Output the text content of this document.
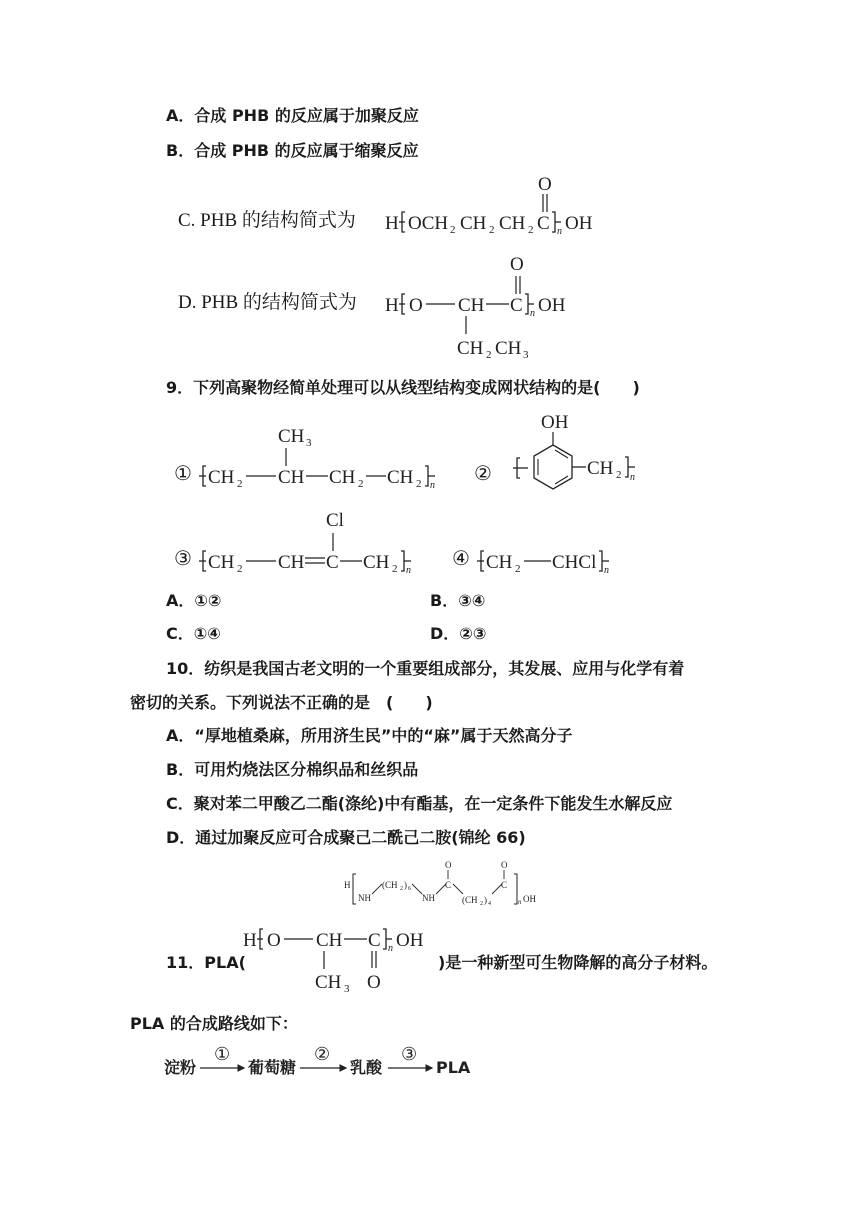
A．合成 PHB 的反应属于加聚反应
B．合成 PHB 的反应属于缩聚反应
C. PHB 的结构简式为 H OCH 2 CH 2 CH 2 C
O
n OH
D. PHB 的结构简式为 H O CH C
O
n OH
CH 2 CH 3
9．下列高聚物经简单处理可以从线型结构变成网状结构的是(　　)
① CH 2 CH
CH 3
CH 2 CH 2 n
②
OH
CH 2 n
③ CH 2 CH C
Cl
CH 2 n
④ CH 2 CHCl n
A．①②	B．③④
C．①④	D．②③
10．纺织是我国古老文明的一个重要组成部分，其发展、应用与化学有着
密切的关系。下列说法不正确的是　(　　)
A．“厚地植桑麻，所用济生民”中的“麻”属于天然高分子
B．可用灼烧法区分棉织品和丝织品
C．聚对苯二甲酸乙二酯(涤纶)中有酯基，在一定条件下能发生水解反应
D．通过加聚反应可合成聚己二酰己二胺(锦纶 66)
H
NH
(CH 2 ) 6
NH
C
O
(CH 2 ) 4
C
O
n OH
11．PLA(
H O CH C n OH
CH 3 O
)是一种新型可生物降解的高分子材料。
PLA 的合成路线如下：
淀粉
①
葡萄糖
②
乳酸
③
PLA
